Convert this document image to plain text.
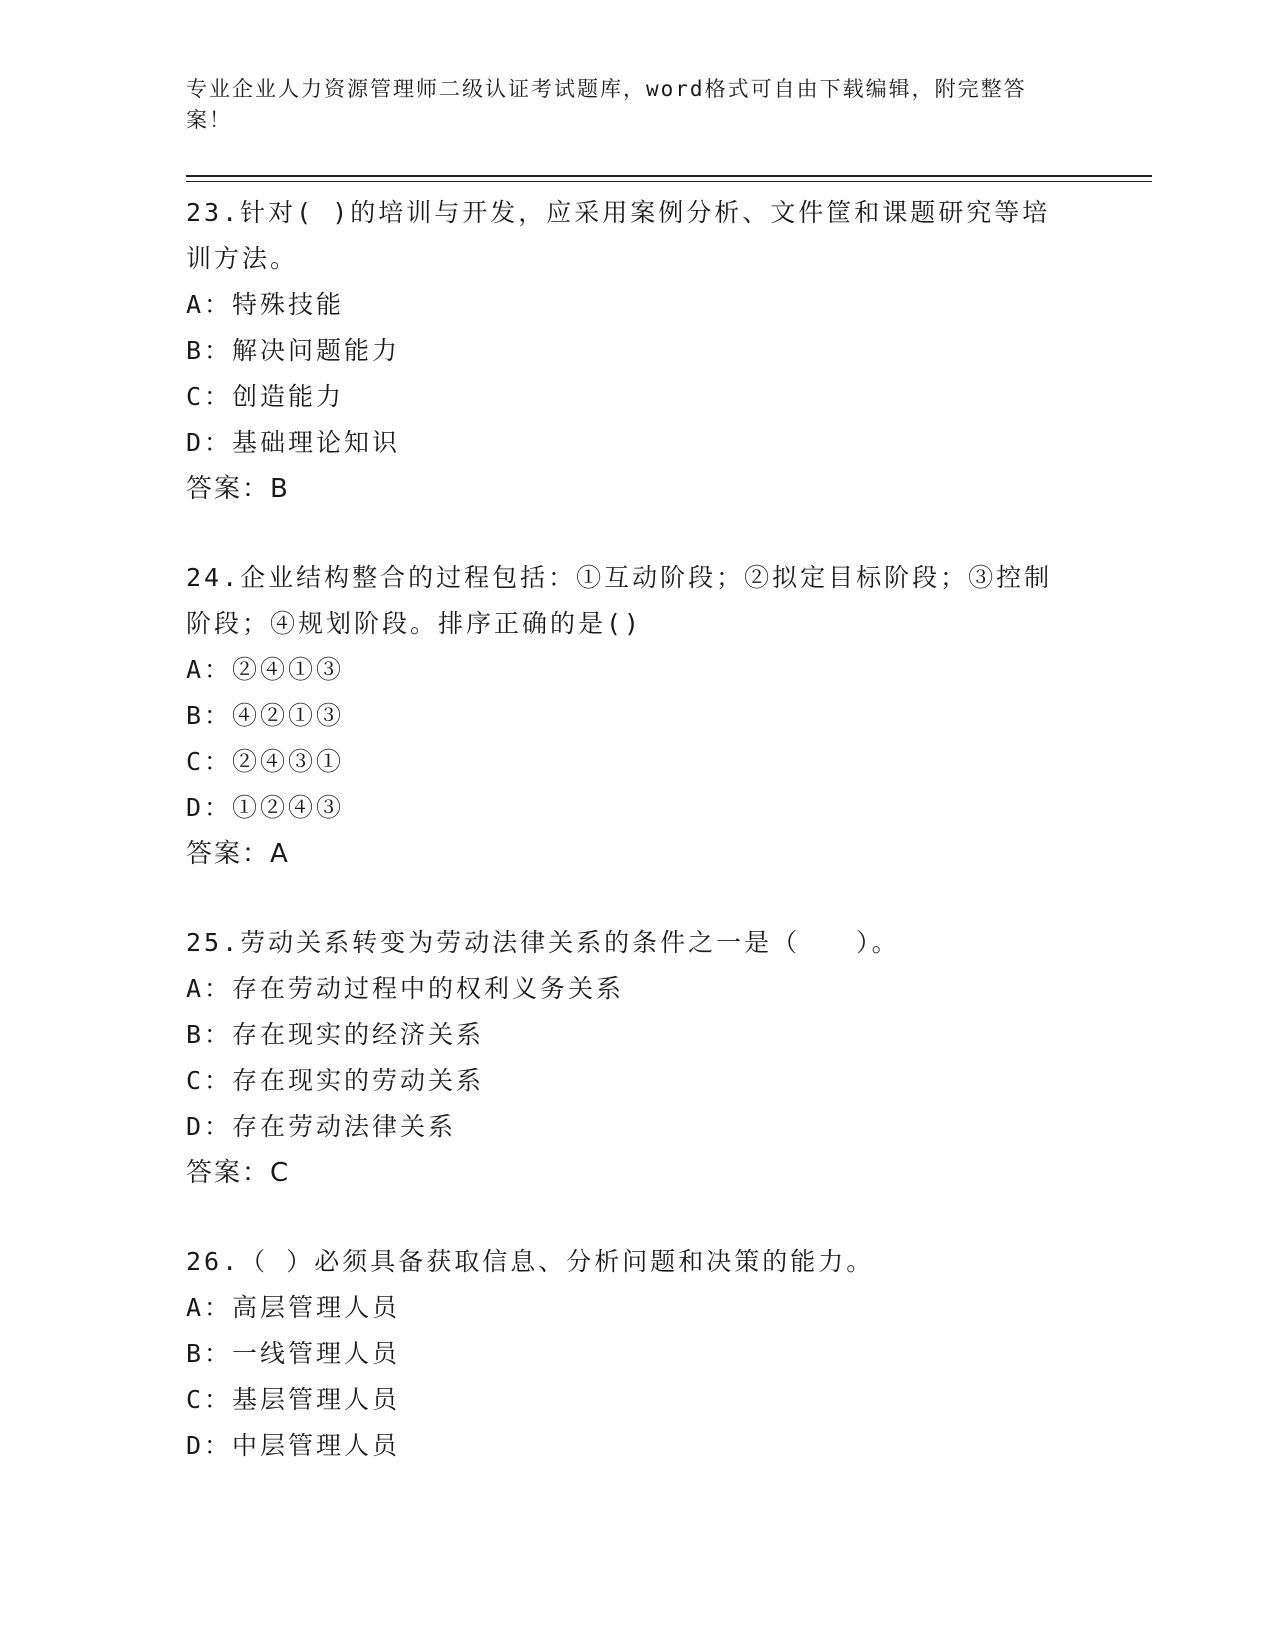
专业企业人力资源管理师二级认证考试题库，word格式可自由下载编辑，附完整答案！
23.针对( )的培训与开发，应采用案例分析、文件筐和课题研究等培训方法。
A：特殊技能
B：解决问题能力
C：创造能力
D：基础理论知识
答案：B
24.企业结构整合的过程包括：①互动阶段；②拟定目标阶段；③控制阶段；④规划阶段。排序正确的是()
A：②④①③
B：④②①③
C：②④③①
D：①②④③
答案：A
25.劳动关系转变为劳动法律关系的条件之一是（　　）。
A：存在劳动过程中的权利义务关系
B：存在现实的经济关系
C：存在现实的劳动关系
D：存在劳动法律关系
答案：C
26.（ ）必须具备获取信息、分析问题和决策的能力。
A：高层管理人员
B：一线管理人员
C：基层管理人员
D：中层管理人员
